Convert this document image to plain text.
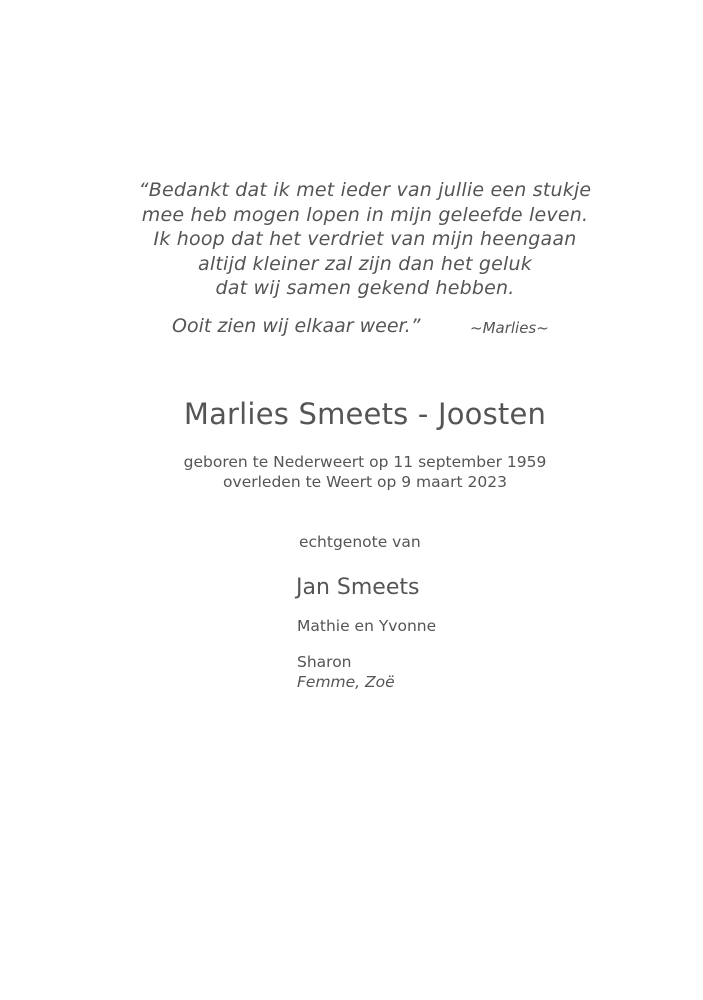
“Bedankt dat ik met ieder van jullie een stukje
mee heb mogen lopen in mijn geleefde leven.
Ik hoop dat het verdriet van mijn heengaan
altijd kleiner zal zijn dan het geluk
dat wij samen gekend hebben.
Ooit zien wij elkaar weer.”	~Marlies~
Marlies Smeets - Joosten
geboren te Nederweert op 11 september 1959
overleden te Weert op 9 maart 2023
echtgenote van
Jan Smeets
Mathie en Yvonne
Sharon
Femme, Zoë
